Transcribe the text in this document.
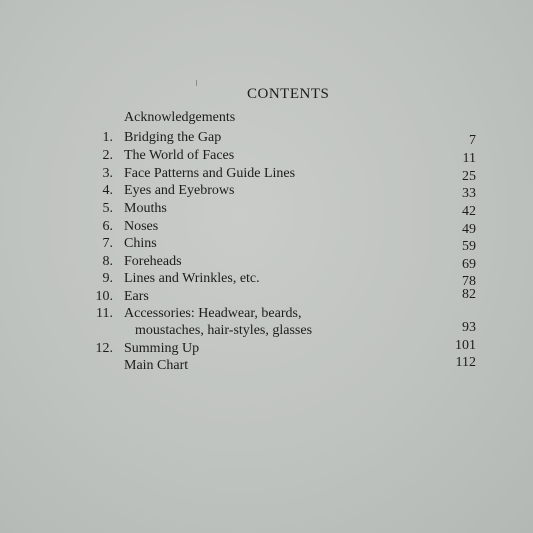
CONTENTS
Acknowledgements
1. Bridging the Gap	7
2. The World of Faces	11
3. Face Patterns and Guide Lines	25
4. Eyes and Eyebrows	33
5. Mouths	42
6. Noses	49
7. Chins	59
8. Foreheads	69
9. Lines and Wrinkles, etc.	78
10. Ears	82
11. Accessories: Headwear, beards,
moustaches, hair-styles, glasses	93
12. Summing Up	101
Main Chart	112
